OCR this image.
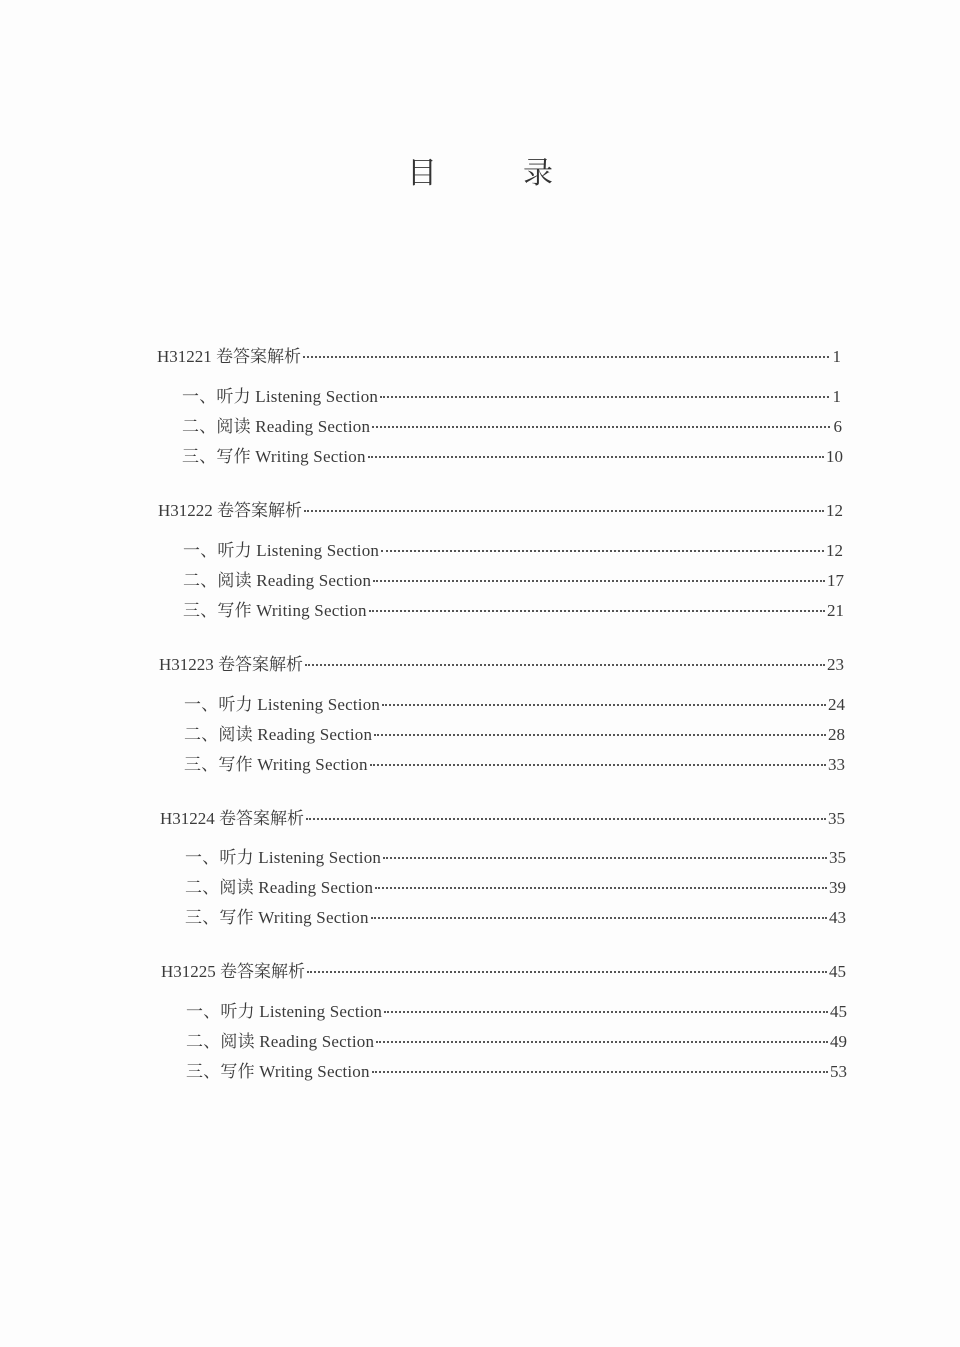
目　录
H31221 卷答案解析	1
一、听力 Listening Section	1
二、阅读 Reading Section	6
三、写作 Writing Section	10
H31222 卷答案解析	12
一、听力 Listening Section	12
二、阅读 Reading Section	17
三、写作 Writing Section	21
H31223 卷答案解析	23
一、听力 Listening Section	24
二、阅读 Reading Section	28
三、写作 Writing Section	33
H31224 卷答案解析	35
一、听力 Listening Section	35
二、阅读 Reading Section	39
三、写作 Writing Section	43
H31225 卷答案解析	45
一、听力 Listening Section	45
二、阅读 Reading Section	49
三、写作 Writing Section	53
